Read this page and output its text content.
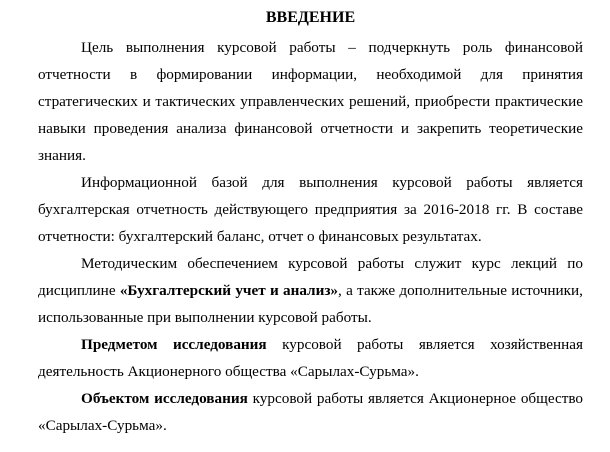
ВВЕДЕНИЕ

Цель выполнения курсовой работы – подчеркнуть роль финансовой отчетности в формировании информации, необходимой для принятия стратегических и тактических управленческих решений, приобрести практические навыки проведения анализа финансовой отчетности и закрепить теоретические знания.

Информационной базой для выполнения курсовой работы является бухгалтерская отчетность действующего предприятия за 2016-2018 гг. В составе отчетности: бухгалтерский баланс, отчет о финансовых результатах.

Методическим обеспечением курсовой работы служит курс лекций по дисциплине «Бухгалтерский учет и анализ», а также дополнительные источники, использованные при выполнении курсовой работы.

Предметом исследования курсовой работы является хозяйственная деятельность Акционерного общества «Сарылах-Сурьма».

Объектом исследования курсовой работы является Акционерное общество «Сарылах-Сурьма».
